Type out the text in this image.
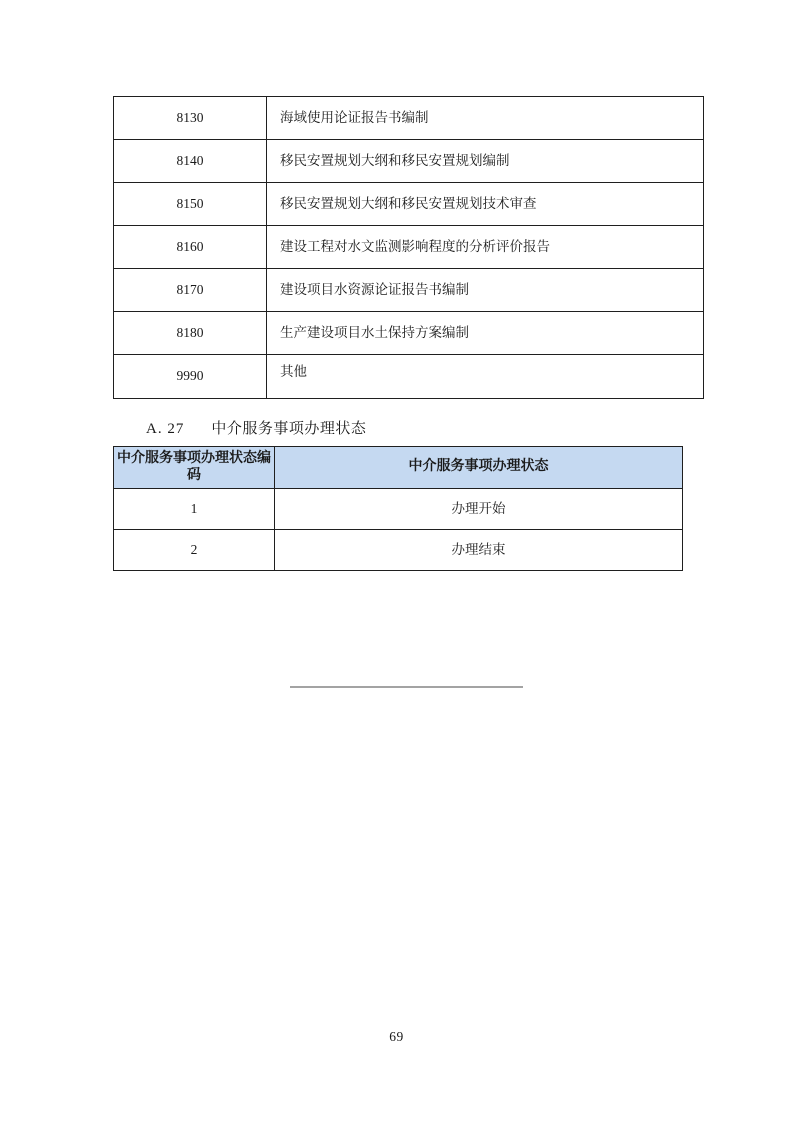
8130	海域使用论证报告书编制
8140	移民安置规划大纲和移民安置规划编制
8150	移民安置规划大纲和移民安置规划技术审查
8160	建设工程对水文监测影响程度的分析评价报告
8170	建设项目水资源论证报告书编制
8180	生产建设项目水土保持方案编制
9990	其他
A. 27 中介服务事项办理状态
中介服务事项办理状态编码	中介服务事项办理状态
1	办理开始
2	办理结束
69
